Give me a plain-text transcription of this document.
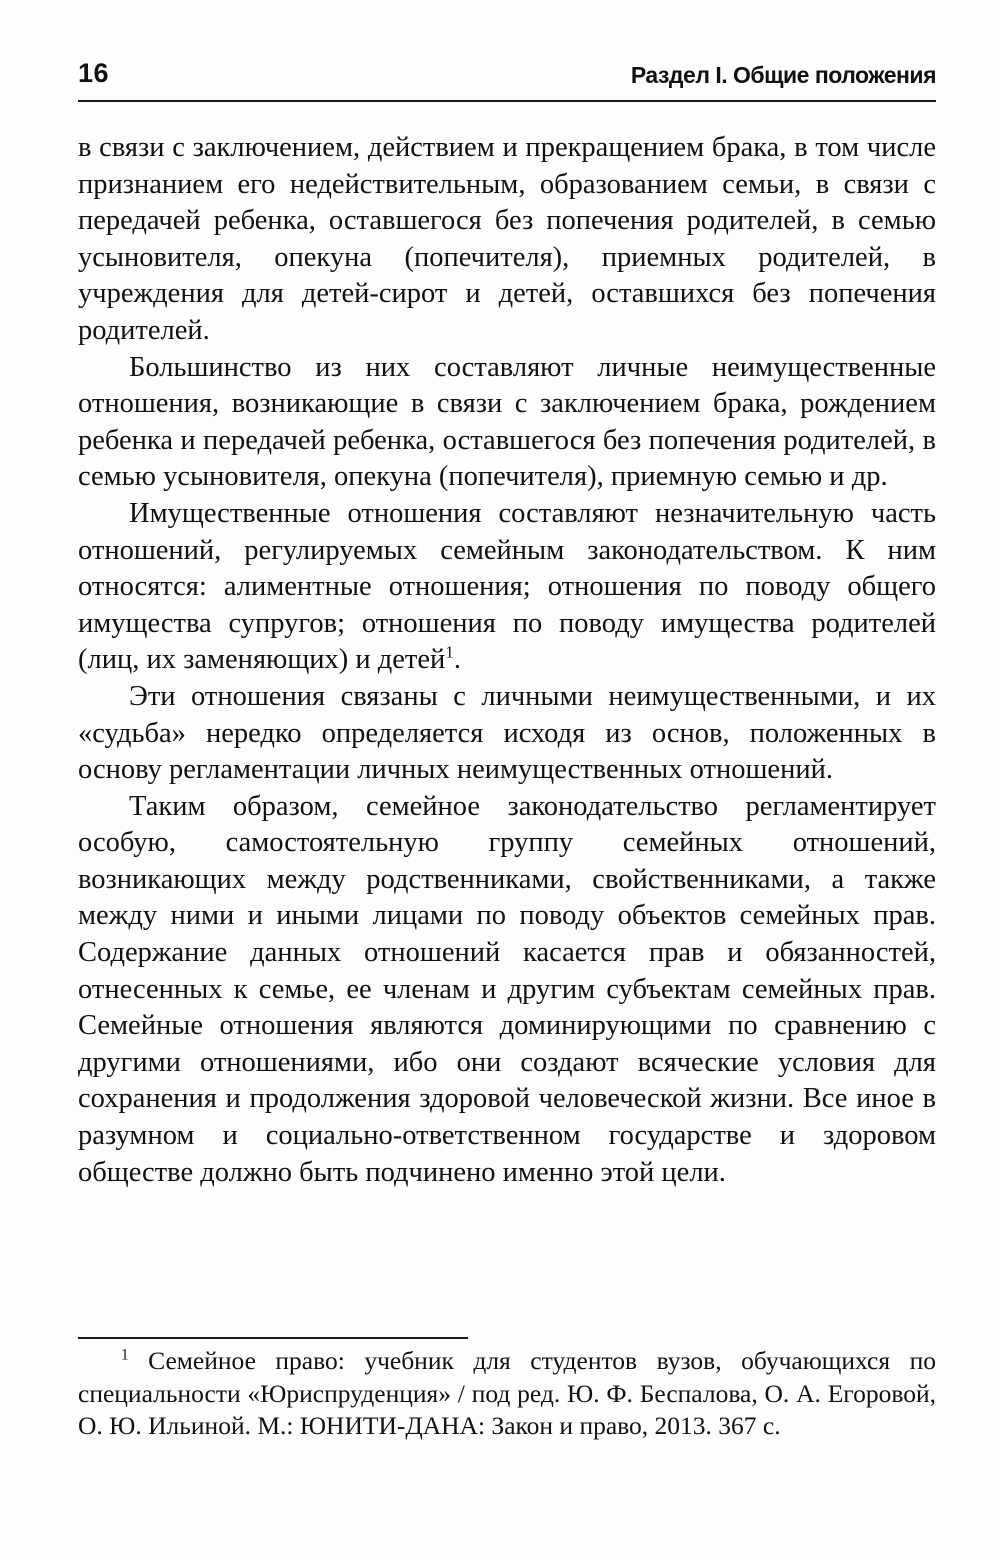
16	Раздел I. Общие положения

в связи с заключением, действием и прекращением брака, в том числе признанием его недействительным, образованием семьи, в связи с передачей ребенка, оставшегося без попечения родителей, в семью усыновителя, опекуна (попечителя), приемных родителей, в учреждения для детей-сирот и детей, оставшихся без попечения родителей.

Большинство из них составляют личные неимущественные отношения, возникающие в связи с заключением брака, рождением ребенка и передачей ребенка, оставшегося без попечения родителей, в семью усыновителя, опекуна (попечителя), приемную семью и др.

Имущественные отношения составляют незначительную часть отношений, регулируемых семейным законодательством. К ним относятся: алиментные отношения; отношения по поводу общего имущества супругов; отношения по поводу имущества родителей (лиц, их заменяющих) и детей$^1$.

Эти отношения связаны с личными неимущественными, и их «судьба» нередко определяется исходя из основ, положенных в основу регламентации личных неимущественных отношений.

Таким образом, семейное законодательство регламентирует особую, самостоятельную группу семейных отношений, возникающих между родственниками, свойственниками, а также между ними и иными лицами по поводу объектов семейных прав. Содержание данных отношений касается прав и обязанностей, отнесенных к семье, ее членам и другим субъектам семейных прав. Семейные отношения являются доминирующими по сравнению с другими отношениями, ибо они создают всяческие условия для сохранения и продолжения здоровой человеческой жизни. Все иное в разумном и социально-ответственном государстве и здоровом обществе должно быть подчинено именно этой цели.

$^1$ Семейное право: учебник для студентов вузов, обучающихся по специальности «Юриспруденция» / под ред. Ю. Ф. Беспалова, О. А. Егоровой, О. Ю. Ильиной. М.: ЮНИТИ-ДАНА: Закон и право, 2013. 367 с.
